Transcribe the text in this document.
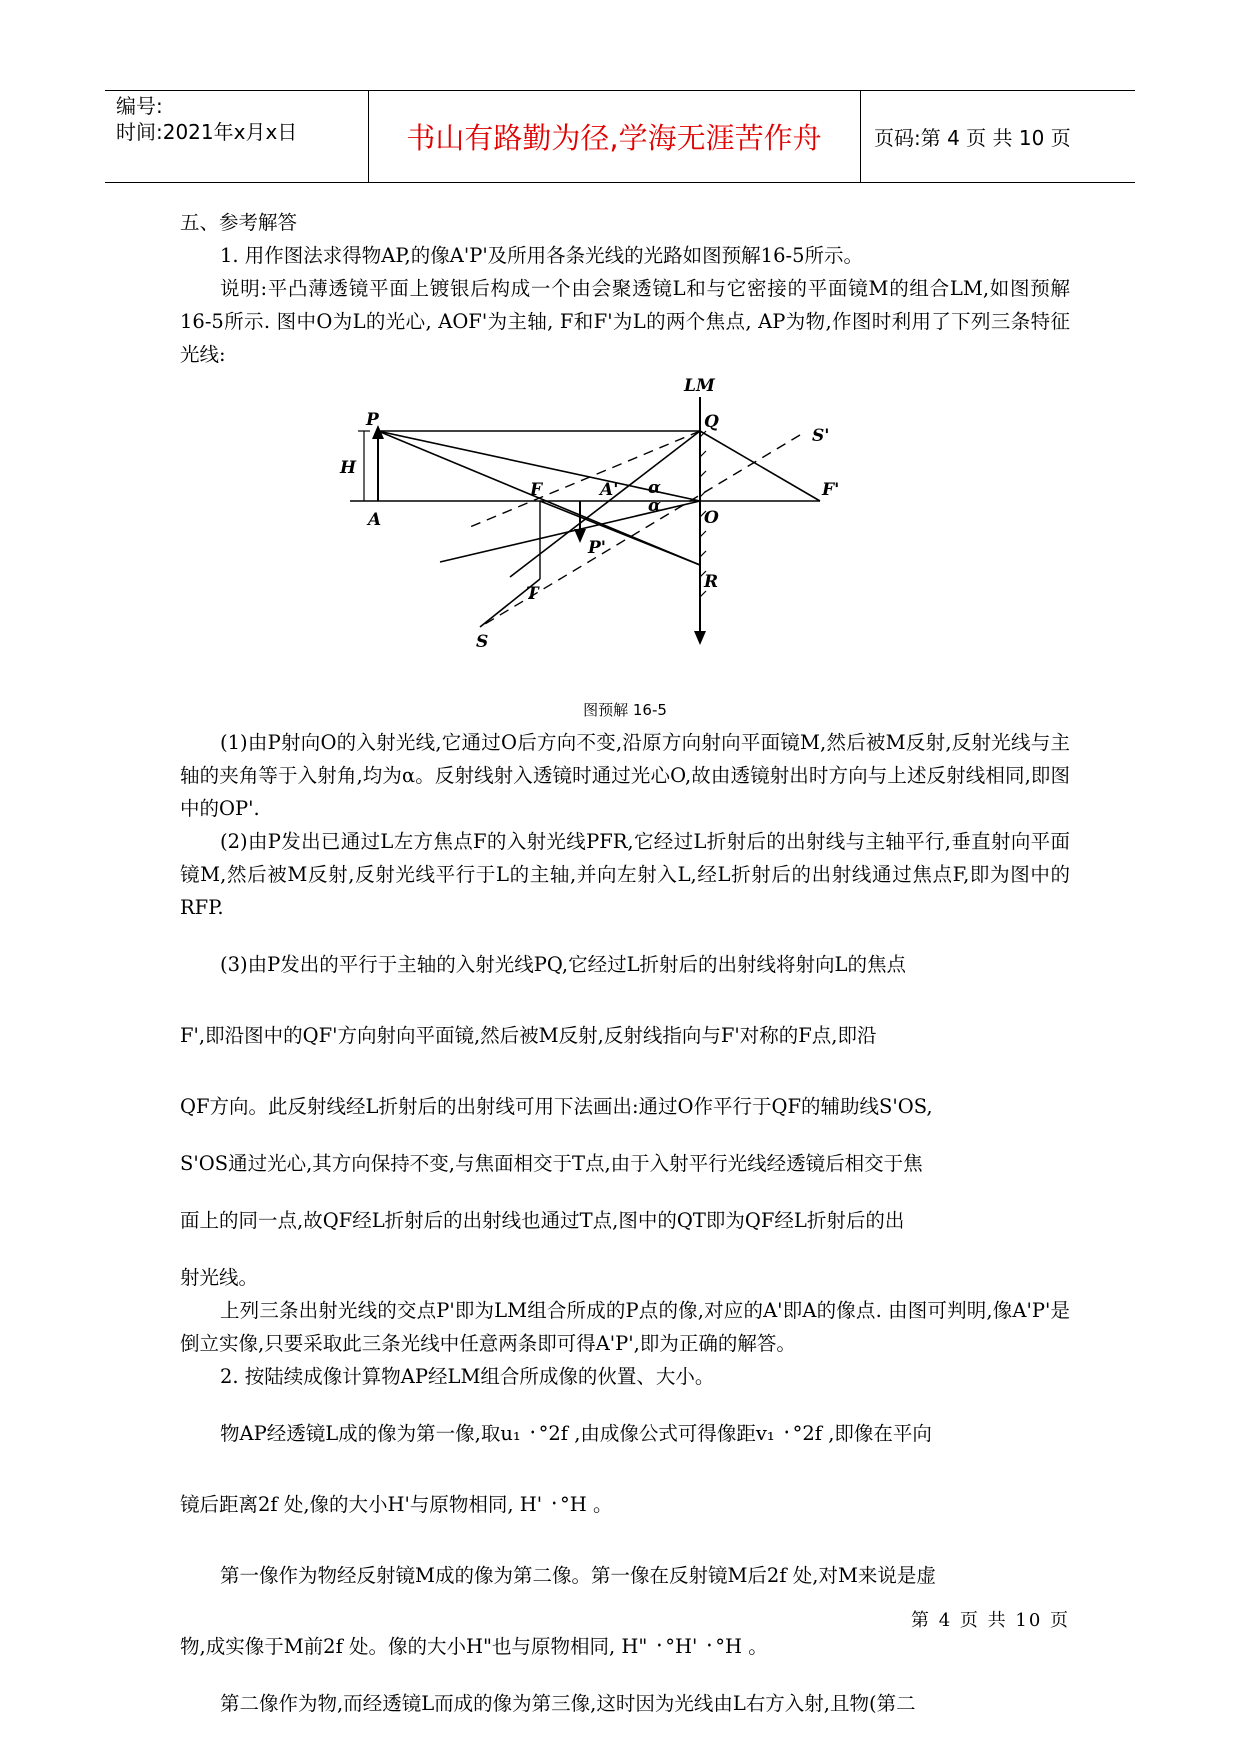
编号:
时间:2021年x月x日	书山有路勤为径,学海无涯苦作舟	页码:第 4 页 共 10 页

五、参考解答

1. 用作图法求得物AP,的像A'P'及所用各条光线的光路如图预解16-5所示。

说明:平凸薄透镜平面上镀银后构成一个由会聚透镜L和与它密接的平面镜M的组合LM,如图预解16-5所示. 图中O为L的光心, AOF'为主轴, F和F'为L的两个焦点, AP为物,作图时利用了下列三条特征光线:

LM
P	Q
S'
H
F	A' α
α
F'
A	O
P'
R
T
S

图预解 16-5

(1)由P射向O的入射光线,它通过O后方向不变,沿原方向射向平面镜M,然后被M反射,反射光线与主轴的夹角等于入射角,均为α。反射线射入透镜时通过光心O,故由透镜射出时方向与上述反射线相同,即图中的OP'.

(2)由P发出已通过L左方焦点F的入射光线PFR,它经过L折射后的出射线与主轴平行,垂直射向平面镜M,然后被M反射,反射光线平行于L的主轴,并向左射入L,经L折射后的出射线通过焦点F,即为图中的RFP.

(3)由P发出的平行于主轴的入射光线PQ,它经过L折射后的出射线将射向L的焦点

F',即沿图中的QF'方向射向平面镜,然后被M反射,反射线指向与F'对称的F点,即沿

QF方向。此反射线经L折射后的出射线可用下法画出:通过O作平行于QF的辅助线S'OS,

S'OS通过光心,其方向保持不变,与焦面相交于T点,由于入射平行光线经透镜后相交于焦

面上的同一点,故QF经L折射后的出射线也通过T点,图中的QT即为QF经L折射后的出

射光线。

上列三条出射光线的交点P'即为LM组合所成的P点的像,对应的A'即A的像点. 由图可判明,像A'P'是倒立实像,只要采取此三条光线中任意两条即可得A'P',即为正确的解答。

2. 按陆续成像计算物AP经LM组合所成像的伙置、大小。

物AP经透镜L成的像为第一像,取u₁ ᛫°2f ,由成像公式可得像距v₁ ᛫°2f ,即像在平向

镜后距离2f 处,像的大小H'与原物相同, H' ᛫°H 。

第一像作为物经反射镜M成的像为第二像。第一像在反射镜M后2f 处,对M来说是虚

物,成实像于M前2f 处。像的大小H"也与原物相同, H" ᛫°H' ᛫°H 。

第二像作为物,而经透镜L而成的像为第三像,这时因为光线由L右方入射,且物(第二

第 4 页 共 10 页
